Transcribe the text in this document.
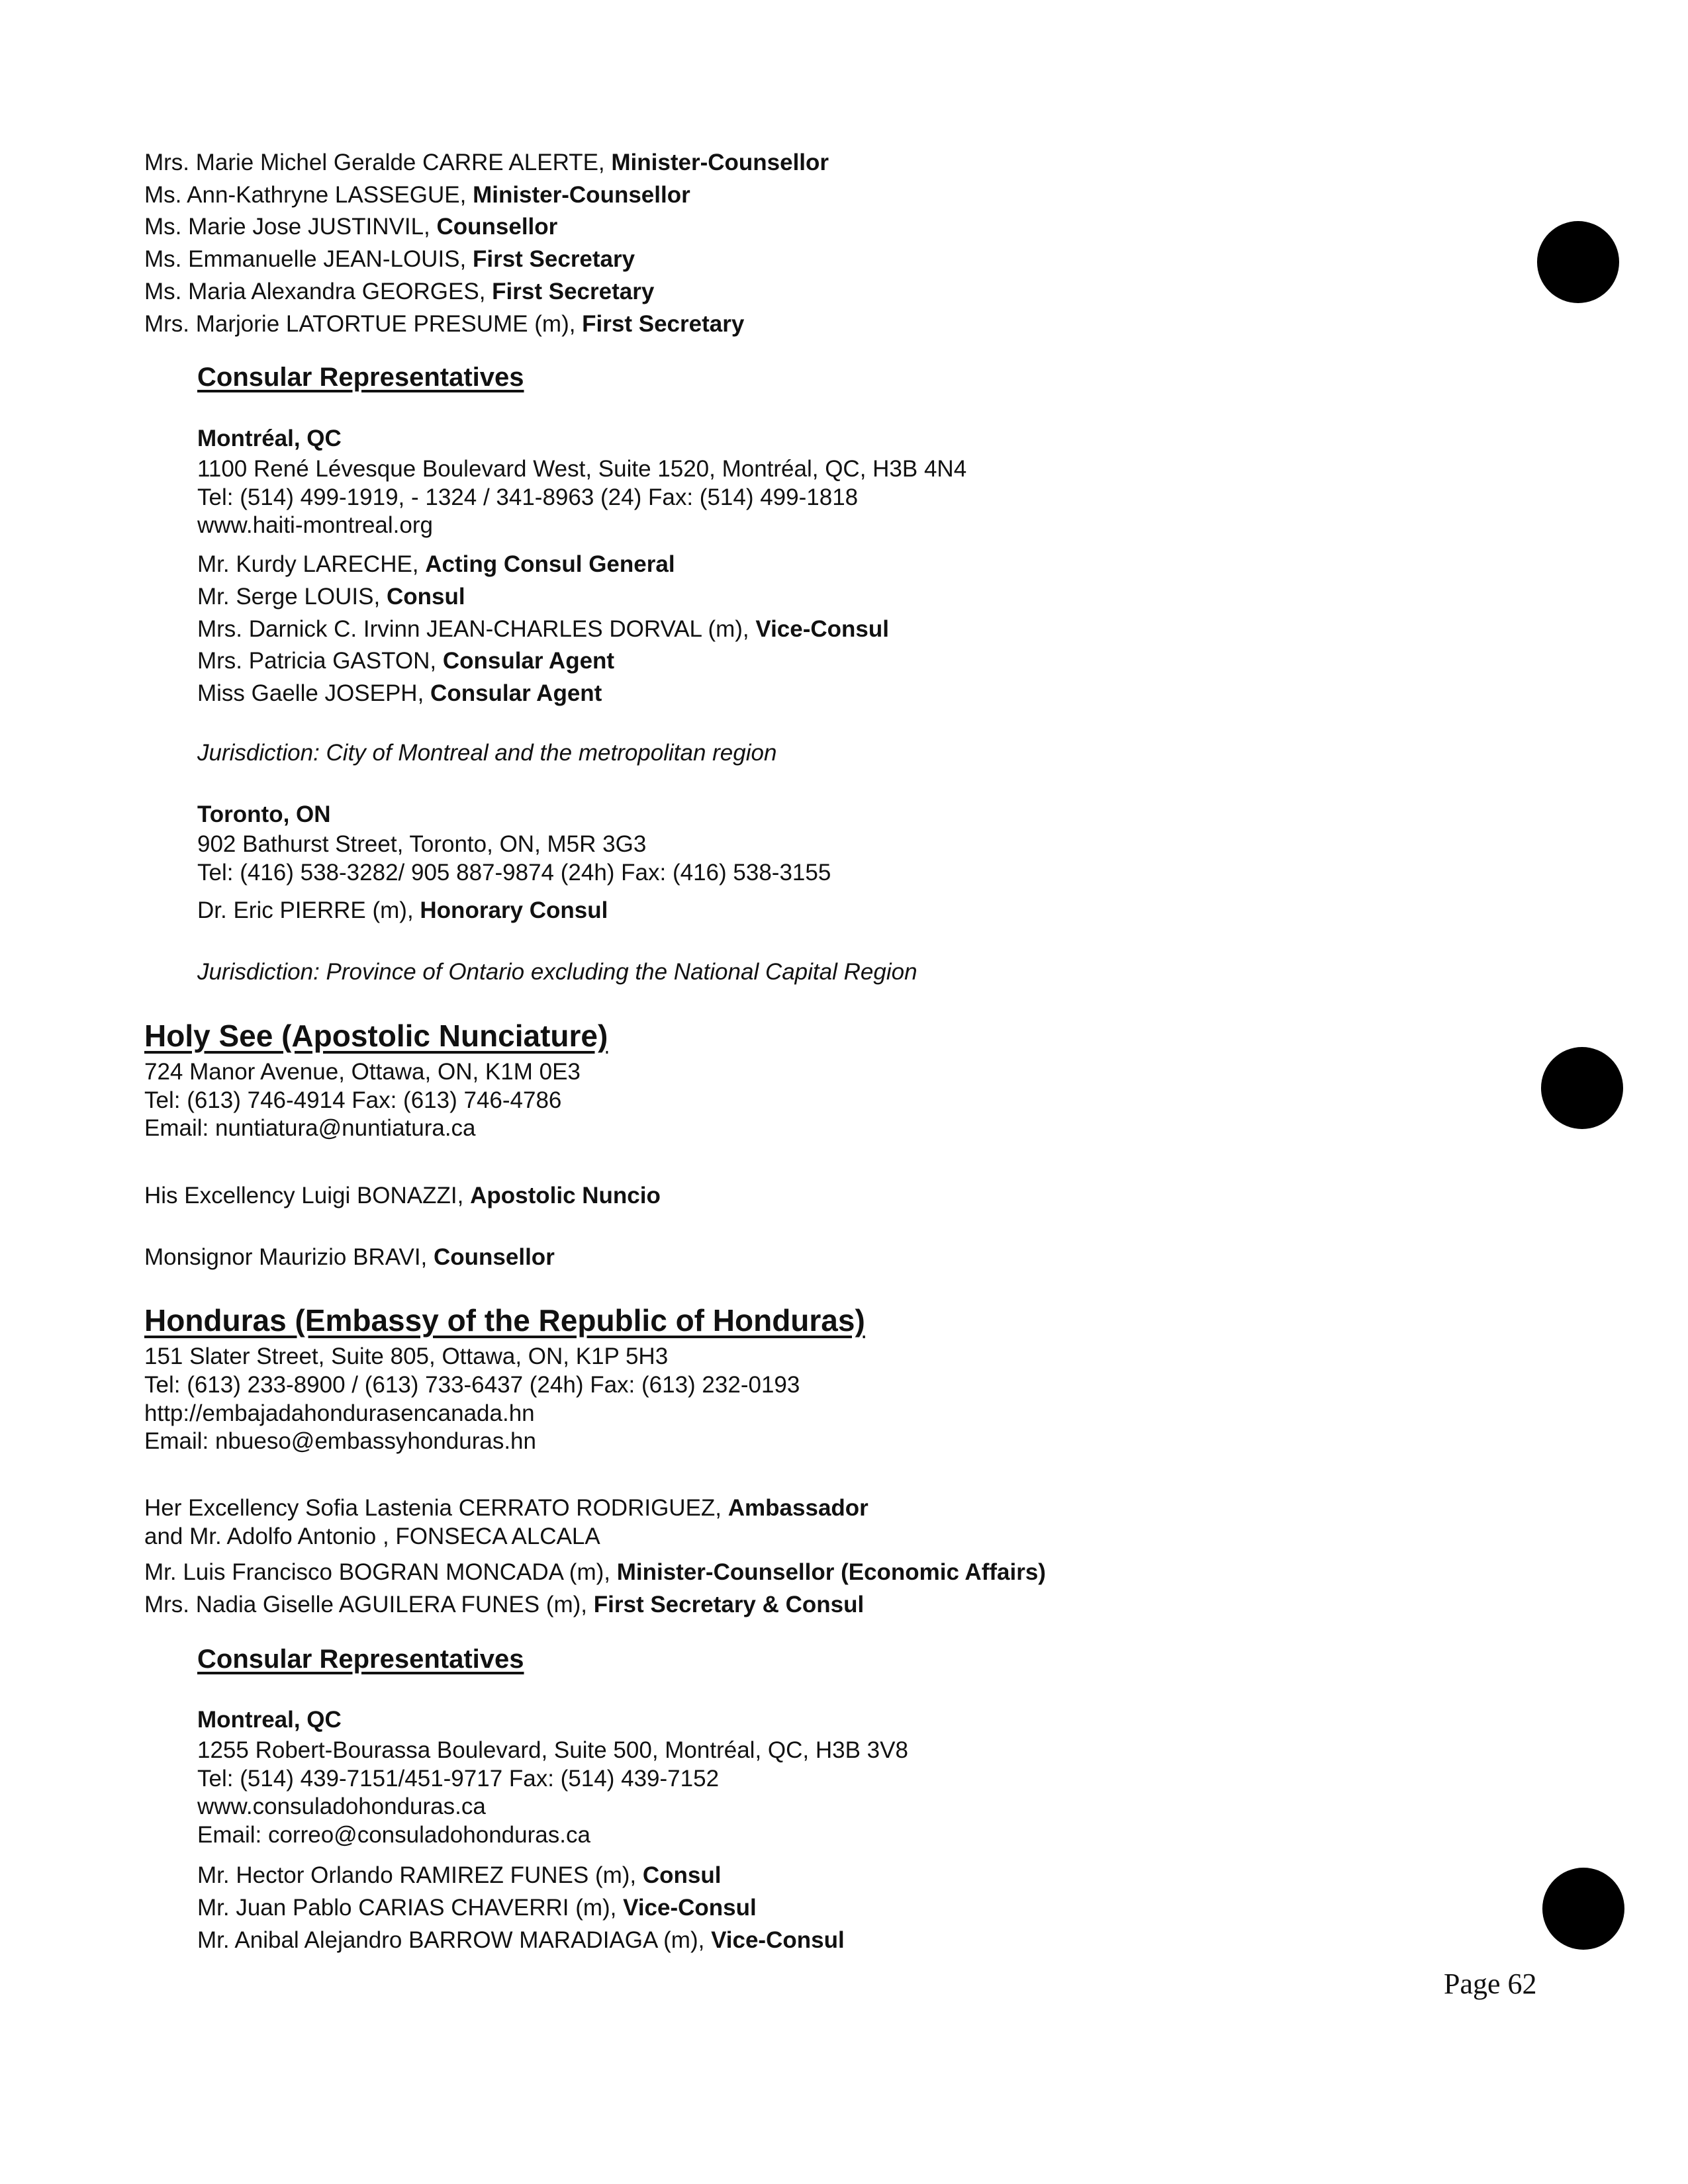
Mrs. Marie Michel Geralde CARRE ALERTE, Minister-Counsellor
Ms. Ann-Kathryne LASSEGUE, Minister-Counsellor
Ms. Marie Jose JUSTINVIL, Counsellor
Ms. Emmanuelle JEAN-LOUIS, First Secretary
Ms. Maria Alexandra GEORGES, First Secretary
Mrs. Marjorie LATORTUE PRESUME (m), First Secretary
Consular Representatives
Montréal, QC
1100 René Lévesque Boulevard West, Suite 1520, Montréal, QC, H3B 4N4
Tel: (514) 499-1919, - 1324 / 341-8963 (24) Fax: (514) 499-1818
www.haiti-montreal.org
Mr. Kurdy LARECHE, Acting Consul General
Mr. Serge LOUIS, Consul
Mrs. Darnick C. Irvinn JEAN-CHARLES DORVAL (m), Vice-Consul
Mrs. Patricia GASTON, Consular Agent
Miss Gaelle JOSEPH, Consular Agent
Jurisdiction: City of Montreal and the metropolitan region
Toronto, ON
902 Bathurst Street, Toronto, ON, M5R 3G3
Tel: (416) 538-3282/ 905 887-9874 (24h) Fax: (416) 538-3155
Dr. Eric PIERRE (m), Honorary Consul
Jurisdiction: Province of Ontario excluding the National Capital Region
Holy See (Apostolic Nunciature)
724 Manor Avenue, Ottawa, ON, K1M 0E3
Tel: (613) 746-4914 Fax: (613) 746-4786
Email: nuntiatura@nuntiatura.ca
His Excellency Luigi BONAZZI, Apostolic Nuncio
Monsignor Maurizio BRAVI, Counsellor
Honduras (Embassy of the Republic of Honduras)
151 Slater Street, Suite 805, Ottawa, ON, K1P 5H3
Tel: (613) 233-8900 / (613) 733-6437 (24h) Fax: (613) 232-0193
http://embajadahondurasencanada.hn
Email: nbueso@embassyhonduras.hn
Her Excellency Sofia Lastenia CERRATO RODRIGUEZ, Ambassador
and Mr. Adolfo Antonio , FONSECA ALCALA
Mr. Luis Francisco BOGRAN MONCADA (m), Minister-Counsellor (Economic Affairs)
Mrs. Nadia Giselle AGUILERA FUNES (m), First Secretary & Consul
Consular Representatives
Montreal, QC
1255 Robert-Bourassa Boulevard, Suite 500, Montréal, QC, H3B 3V8
Tel: (514) 439-7151/451-9717 Fax: (514) 439-7152
www.consuladohonduras.ca
Email: correo@consuladohonduras.ca
Mr. Hector Orlando RAMIREZ FUNES (m), Consul
Mr. Juan Pablo CARIAS CHAVERRI (m), Vice-Consul
Mr. Anibal Alejandro BARROW MARADIAGA (m), Vice-Consul
Page 62
